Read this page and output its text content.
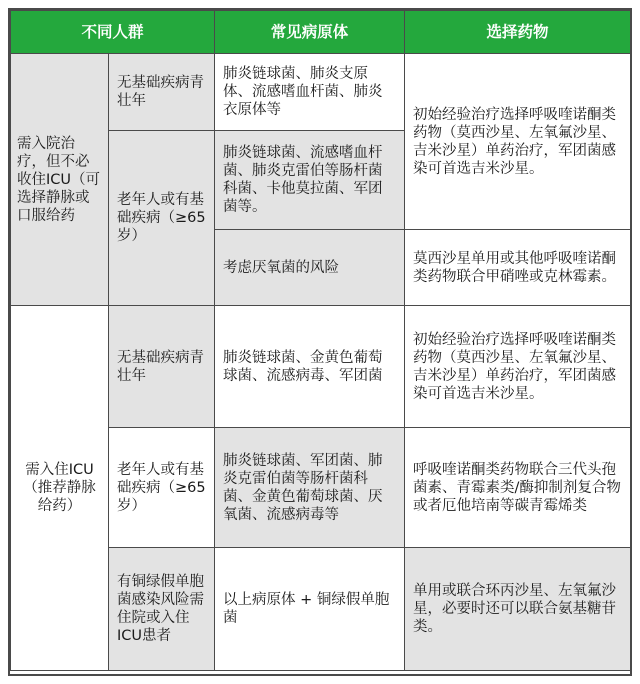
不同人群		常见病原体	选择药物
需入院治疗，但不必收住ICU（可选择静脉或口服给药	无基础疾病青壮年	肺炎链球菌、肺炎支原体、流感嗜血杆菌、肺炎衣原体等	初始经验治疗选择呼吸喹诺酮类药物（莫西沙星、左氧氟沙星、吉米沙星）单药治疗，军团菌感染可首选吉米沙星。
	老年人或有基础疾病（≥65岁）	肺炎链球菌、流感嗜血杆菌、肺炎克雷伯等肠杆菌科菌、卡他莫拉菌、军团菌等。	
		考虑厌氧菌的风险	莫西沙星单用或其他呼吸喹诺酮类药物联合甲硝唑或克林霉素。
需入住ICU（推荐静脉给药）	无基础疾病青壮年	肺炎链球菌、金黄色葡萄球菌、流感病毒、军团菌	初始经验治疗选择呼吸喹诺酮类药物（莫西沙星、左氧氟沙星、吉米沙星）单药治疗，军团菌感染可首选吉米沙星。
	老年人或有基础疾病（≥65岁）	肺炎链球菌、军团菌、肺炎克雷伯菌等肠杆菌科菌、金黄色葡萄球菌、厌氧菌、流感病毒等	呼吸喹诺酮类药物联合三代头孢菌素、青霉素类/酶抑制剂复合物或者厄他培南等碳青霉烯类
	有铜绿假单胞菌感染风险需住院或入住ICU患者	以上病原体 + 铜绿假单胞菌	单用或联合环丙沙星、左氧氟沙星，必要时还可以联合氨基糖苷类。
